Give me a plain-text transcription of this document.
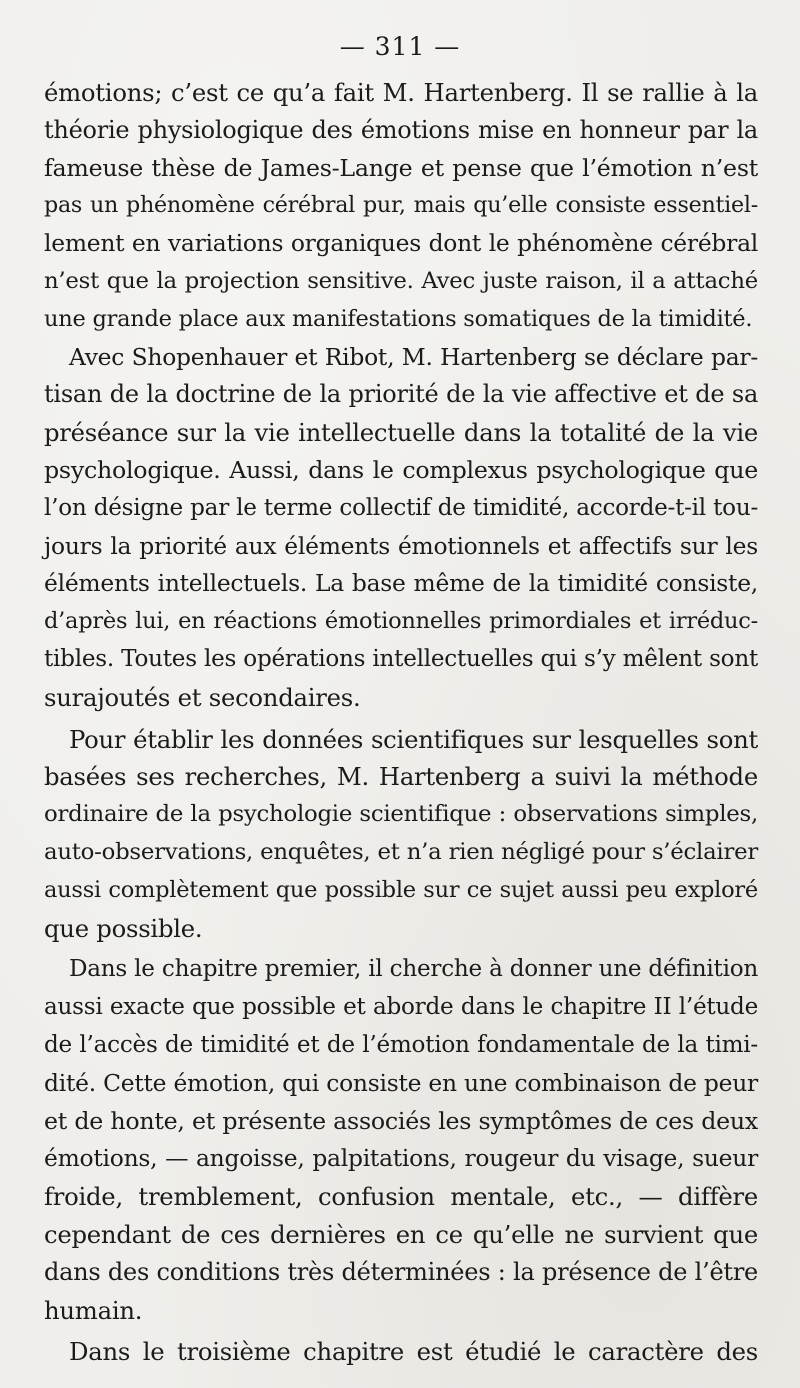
— 311 —
émotions; c’est ce qu’a fait M. Hartenberg. Il se rallie à la
théorie physiologique des émotions mise en honneur par la
fameuse thèse de James-Lange et pense que l’émotion n’est
pas un phénomène cérébral pur, mais qu’elle consiste essentiel-
lement en variations organiques dont le phénomène cérébral
n’est que la projection sensitive. Avec juste raison, il a attaché
une grande place aux manifestations somatiques de la timidité.
Avec Shopenhauer et Ribot, M. Hartenberg se déclare par-
tisan de la doctrine de la priorité de la vie affective et de sa
préséance sur la vie intellectuelle dans la totalité de la vie
psychologique. Aussi, dans le complexus psychologique que
l’on désigne par le terme collectif de timidité, accorde-t-il tou-
jours la priorité aux éléments émotionnels et affectifs sur les
éléments intellectuels. La base même de la timidité consiste,
d’après lui, en réactions émotionnelles primordiales et irréduc-
tibles. Toutes les opérations intellectuelles qui s’y mêlent sont
surajoutés et secondaires.
Pour établir les données scientifiques sur lesquelles sont
basées ses recherches, M. Hartenberg a suivi la méthode
ordinaire de la psychologie scientifique : observations simples,
auto-observations, enquêtes, et n’a rien négligé pour s’éclairer
aussi complètement que possible sur ce sujet aussi peu exploré
que possible.
Dans le chapitre premier, il cherche à donner une définition
aussi exacte que possible et aborde dans le chapitre II l’étude
de l’accès de timidité et de l’émotion fondamentale de la timi-
dité. Cette émotion, qui consiste en une combinaison de peur
et de honte, et présente associés les symptômes de ces deux
émotions, — angoisse, palpitations, rougeur du visage, sueur
froide, tremblement, confusion mentale, etc., — diffère
cependant de ces dernières en ce qu’elle ne survient que
dans des conditions très déterminées : la présence de l’être
humain.
Dans le troisième chapitre est étudié le caractère des
